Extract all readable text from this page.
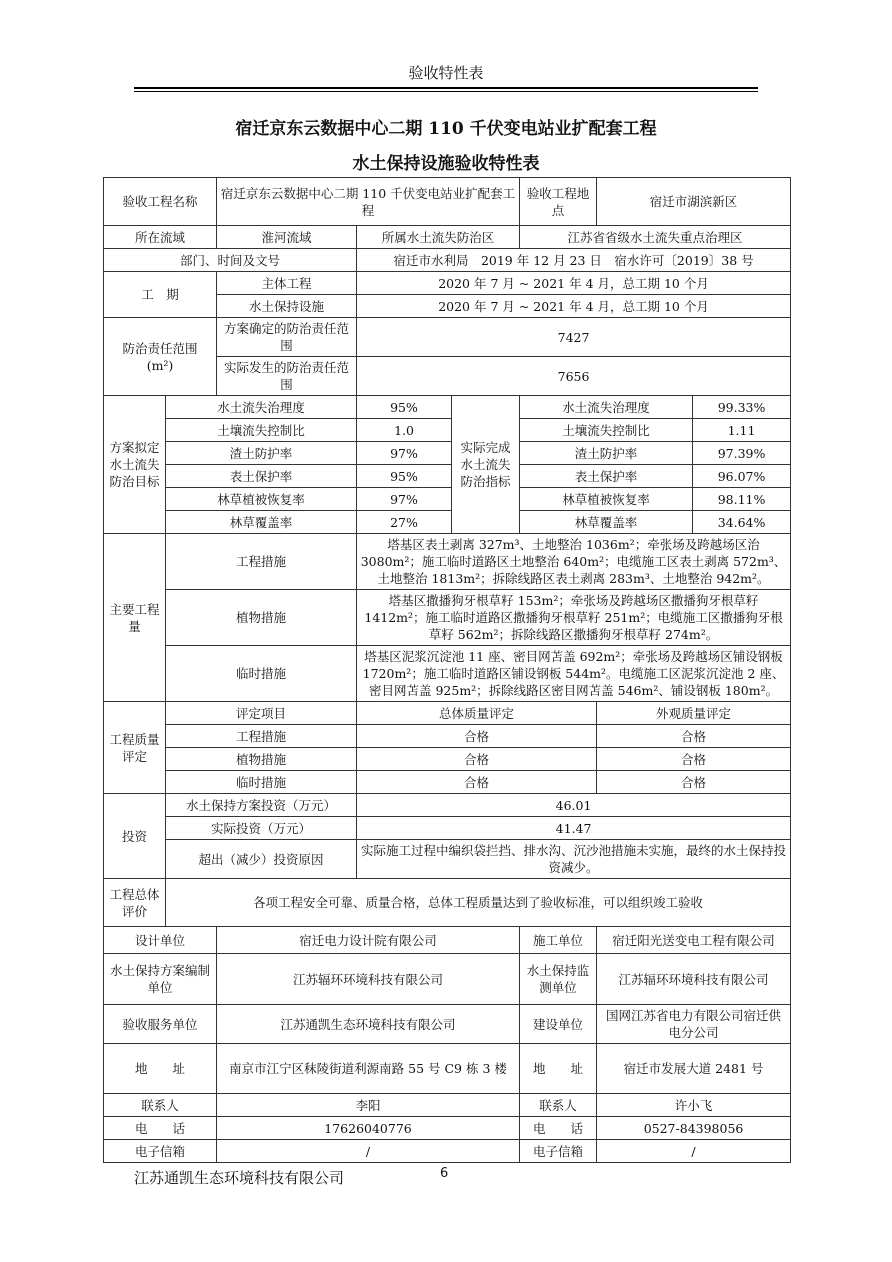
验收特性表
宿迁京东云数据中心二期 110 千伏变电站业扩配套工程
水土保持设施验收特性表
验收工程名称		宿迁京东云数据中心二期 110 千伏变电站业扩配套工程			验收工程地点	宿迁市湖滨新区	
所在流域		淮河流域	所属水土流失防治区		江苏省省级水土流失重点治理区		
部门、时间及文号			宿迁市水利局　2019 年 12 月 23 日　宿水许可〔2019〕38 号				
工　期		主体工程	2020 年 7 月 ~ 2021 年 4 月，总工期 10 个月				
		水土保持设施	2020 年 7 月 ~ 2021 年 4 月，总工期 10 个月				

防治责任范围
(m²)		方案确定的防治责任范围	7427				
		实际发生的防治责任范围	7656				
方案拟定水土流失防治目标	水土流失治理度		95%	实际完成水土流失防治指标	水土流失治理度		99.33%
	土壤流失控制比		1.0		土壤流失控制比		1.11
	渣土防护率		97%		渣土防护率		97.39%
	表土保护率		95%		表土保护率		96.07%
	林草植被恢复率		97%		林草植被恢复率		98.11%
	林草覆盖率		27%		林草覆盖率		34.64%
主要工程量	工程措施		塔基区表土剥离 327m³、土地整治 1036m²；牵张场及跨越场区治 3080m²；施工临时道路区土地整治 640m²；电缆施工区表土剥离 572m³、土地整治 1813m²；拆除线路区表土剥离 283m³、土地整治 942m²。				
	植物措施		塔基区撒播狗牙根草籽 153m²；牵张场及跨越场区撒播狗牙根草籽 1412m²；施工临时道路区撒播狗牙根草籽 251m²；电缆施工区撒播狗牙根草籽 562m²；拆除线路区撒播狗牙根草籽 274m²。				
	临时措施		塔基区泥浆沉淀池 11 座、密目网苫盖 692m²；牵张场及跨越场区铺设钢板 1720m²；施工临时道路区铺设钢板 544m²。电缆施工区泥浆沉淀池 2 座、密目网苫盖 925m²；拆除线路区密目网苫盖 546m²、铺设钢板 180m²。				
工程质量评定	评定项目		总体质量评定			外观质量评定	
	工程措施		合格			合格	
	植物措施		合格			合格	
	临时措施		合格			合格	
投资	水土保持方案投资（万元）		46.01				
	实际投资（万元）		41.47				
	超出（减少）投资原因		实际施工过程中编织袋拦挡、排水沟、沉沙池措施未实施，最终的水土保持投资减少。				
工程总体评价	各项工程安全可靠、质量合格，总体工程质量达到了验收标准，可以组织竣工验收						
设计单位		宿迁电力设计院有限公司			施工单位	宿迁阳光送变电工程有限公司	
水土保持方案编制单位		江苏辐环环境科技有限公司			水土保持监测单位	江苏辐环环境科技有限公司	
验收服务单位		江苏通凯生态环境科技有限公司			建设单位	国网江苏省电力有限公司宿迁供电分公司	
地　　址		南京市江宁区秣陵街道利源南路 55 号 C9 栋 3 楼			地　　址	宿迁市发展大道 2481 号	
联系人		李阳			联系人	许小飞	
电　　话		17626040776			电　　话	0527-84398056	
电子信箱		/			电子信箱	/	
江苏通凯生态环境科技有限公司	6
